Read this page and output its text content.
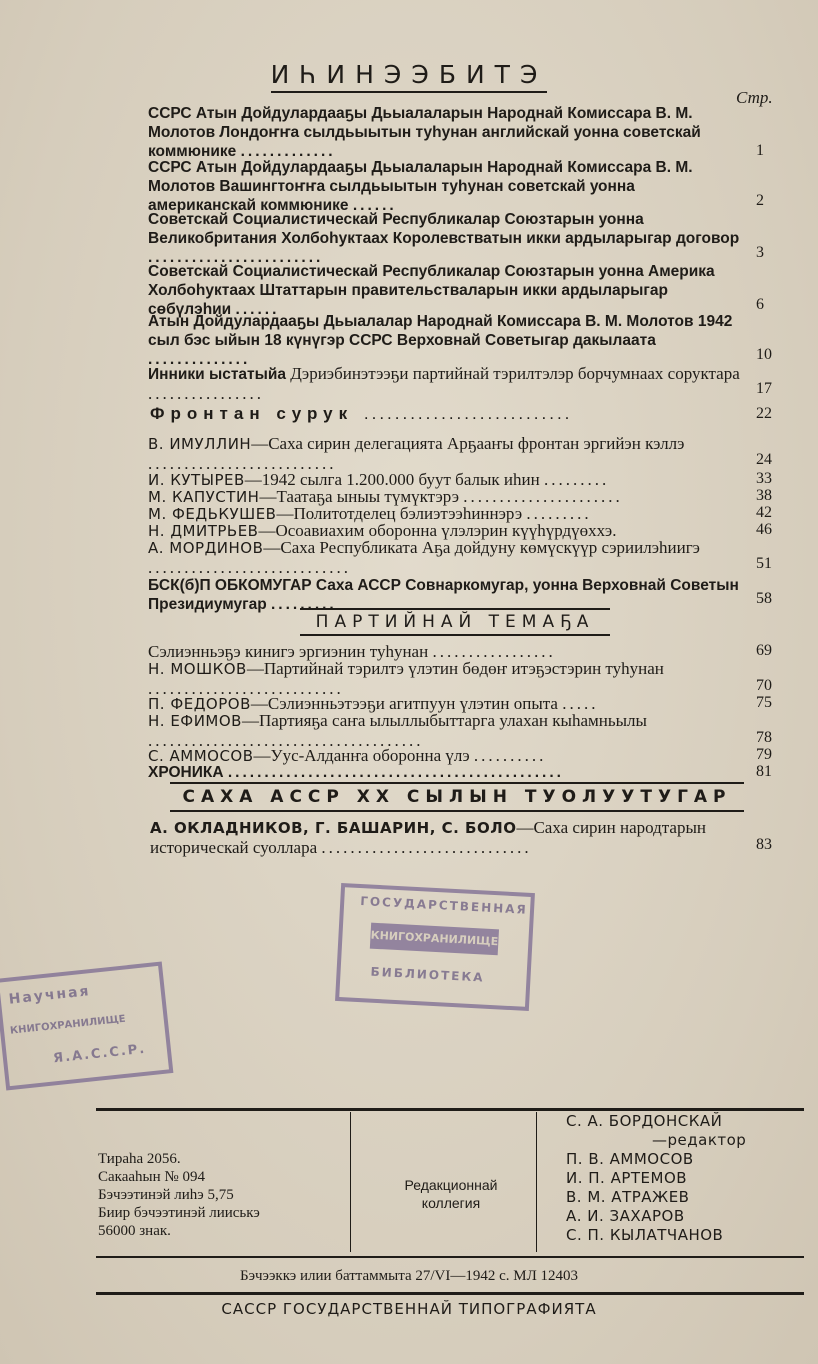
ИҺИНЭЭБИТЭ
Стр.
ССРС Атын Дойдулардааҕы Дьыалаларын Народнай Комиссара В. М. Молотов Лондоҥҥа сылдьыытын туһунан английскай уонна советскай коммюнике .............	1
ССРС Атын Дойдулардааҕы Дьыалаларын Народнай Комиссара В. М. Молотов Вашингтоҥҥа сылдьыытын туһунан советскай уонна американскай коммюнике ......	2
Советскай Социалистическай Республикалар Союзтарын уонна Великобритания Холбоһуктаах Королевстватын икки ардыларыгар договор ........................	3
Советскай Социалистическай Республикалар Союзтарын уонна Америка Холбоһуктаах Штаттарын правительстваларын икки ардыларыгар сөбүлэһии ......	6
Атын Дойдулардааҕы Дьыалалар Народнай Комиссара В. М. Молотов 1942 сыл бэс ыйын 18 күнүгэр ССРС Верховнай Советыгар дакылаата ..............	10
Инники ыстатыйа Дэриэбинэтээҕи партийнай тэрилтэлэр борчумнаах соруктара ................	17
Фронтан сурук ...........................	22
В. ИМУЛЛИН—Саха сирин делегацията Арҕааҥы фронтан эргийэн кэллэ ..........................	24
И. КУТЫРЕВ—1942 сылга 1.200.000 буут балык иһин .........	33
М. КАПУСТИН—Таатаҕа ыныы түмүктэрэ ......................	38
М. ФЕДЬКУШЕВ—Политотделец бэлиэтээһиннэрэ .........	42
Н. ДМИТРЬЕВ—Осоавиахим оборонна үлэлэрин күүһүрдүөххэ.	46
А. МОРДИНОВ—Саха Республиката Аҕа дойдуну көмүскүүр сэриилэһиигэ ............................	51
БСК(б)П ОБКОМУГАР Саха АССР Совнаркомугар, уонна Верховнай Советын Президиумугар .........	58
ПАРТИЙНАЙ ТЕМАҔА
Сэлиэнньэҕэ кинигэ эргиэнин туһунан .................	69
Н. МОШКОВ—Партийнай тэрилтэ үлэтин бөдөҥ итэҕэстэрин туһунан ...........................	70
П. ФЕДОРОВ—Сэлиэнньэтээҕи агитпуун үлэтин опыта .....	75
Н. ЕФИМОВ—Партияҕа саҥа ылыллыбыттарга улахан кыһамньылы ......................................	78
С. АММОСОВ—Уус-Алданҥа оборонна үлэ ..........	79
ХРОНИКА ..............................................	81
САХА АССР ХХ СЫЛЫН ТУОЛУУТУГАР
А. ОКЛАДНИКОВ, Г. БАШАРИН, С. БОЛО—Саха сирин народтарын историческай суоллара .............................	83
ГОСУДАРСТВЕННАЯ
КНИГОХРАНИЛИЩЕ
БИБЛИОТЕКА
Научная
КНИГОХРАНИЛИЩЕ
Я.А.С.С.Р.
Тираһа 2056.
Сакааһын № 094
Бэчээтинэй лиһэ 5,75
Биир бэчээтинэй лииськэ
56000 знак.
Редакционнай
коллегия
С. А. БОРДОНСКАЙ
—редактор
П. В. АММОСОВ
И. П. АРТЕМОВ
В. М. АТРАЖЕВ
А. И. ЗАХАРОВ
С. П. КЫЛАТЧАНОВ
Бэчээккэ илии баттаммыта 27/VI—1942 с. МЛ 12403
САССР ГОСУДАРСТВЕННАЙ ТИПОГРАФИЯТА
